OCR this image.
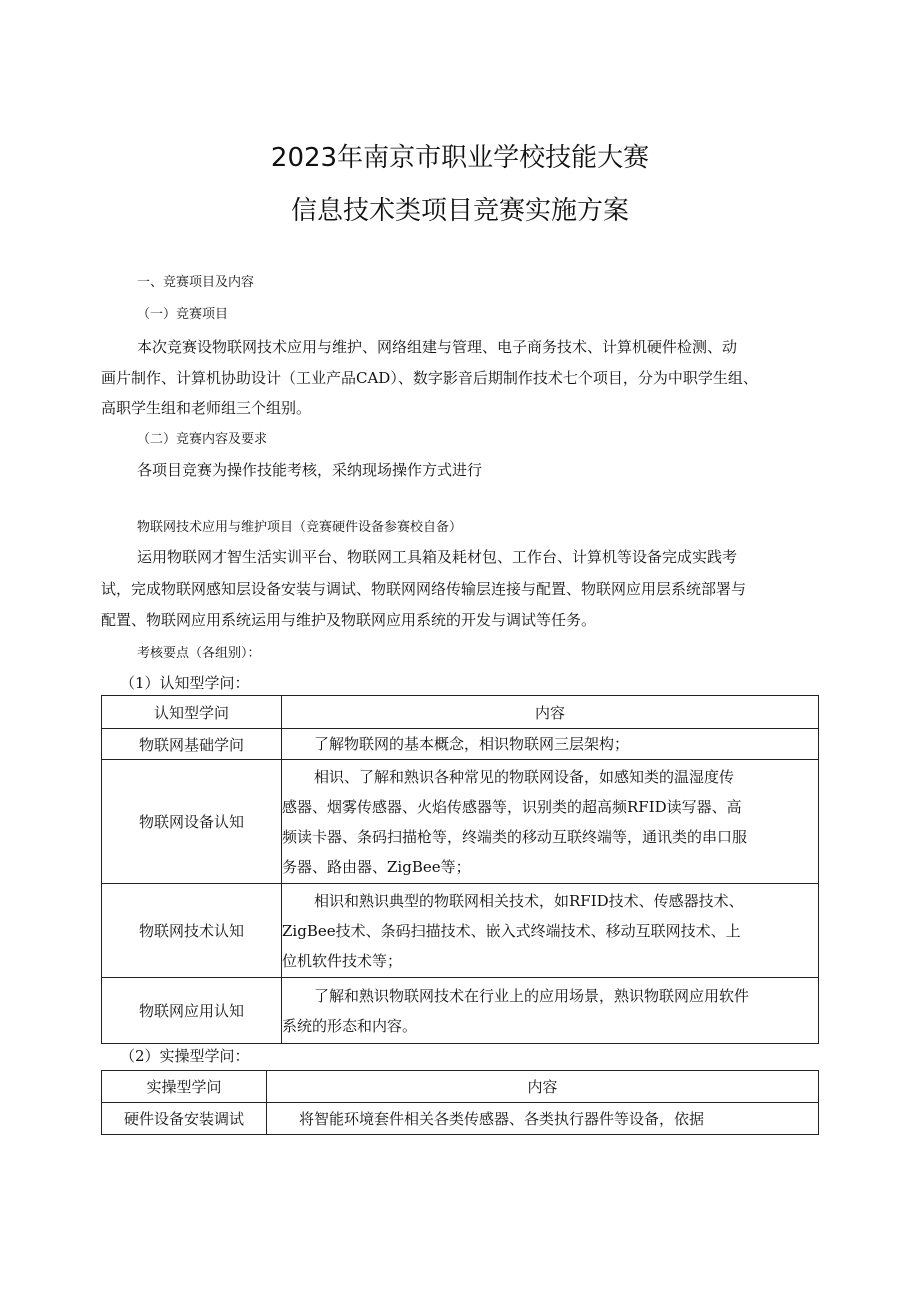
2023年南京市职业学校技能大赛
信息技术类项目竞赛实施方案
一、竞赛项目及内容
（一）竞赛项目
本次竞赛设物联网技术应用与维护、网络组建与管理、电子商务技术、计算机硬件检测、动
画片制作、计算机协助设计（工业产品CAD）、数字影音后期制作技术七个项目，分为中职学生组、
高职学生组和老师组三个组别。
（二）竞赛内容及要求
各项目竞赛为操作技能考核，采纳现场操作方式进行
物联网技术应用与维护项目（竞赛硬件设备参赛校自备）
运用物联网才智生活实训平台、物联网工具箱及耗材包、工作台、计算机等设备完成实践考
试，完成物联网感知层设备安装与调试、物联网网络传输层连接与配置、物联网应用层系统部署与
配置、物联网应用系统运用与维护及物联网应用系统的开发与调试等任务。
考核要点（各组别）：
（1）认知型学问：
认知型学问	内容
物联网基础学问	了解物联网的基本概念，相识物联网三层架构；
物联网设备认知	相识、了解和熟识各种常见的物联网设备，如感知类的温湿度传
感器、烟雾传感器、火焰传感器等，识别类的超高频RFID读写器、高
频读卡器、条码扫描枪等，终端类的移动互联终端等，通讯类的串口服
务器、路由器、ZigBee等；
物联网技术认知	相识和熟识典型的物联网相关技术，如RFID技术、传感器技术、
ZigBee技术、条码扫描技术、嵌入式终端技术、移动互联网技术、上
位机软件技术等；
物联网应用认知	了解和熟识物联网技术在行业上的应用场景，熟识物联网应用软件
系统的形态和内容。
（2）实操型学问：
实操型学问	内容
硬件设备安装调试	将智能环境套件相关各类传感器、各类执行器件等设备，依据
